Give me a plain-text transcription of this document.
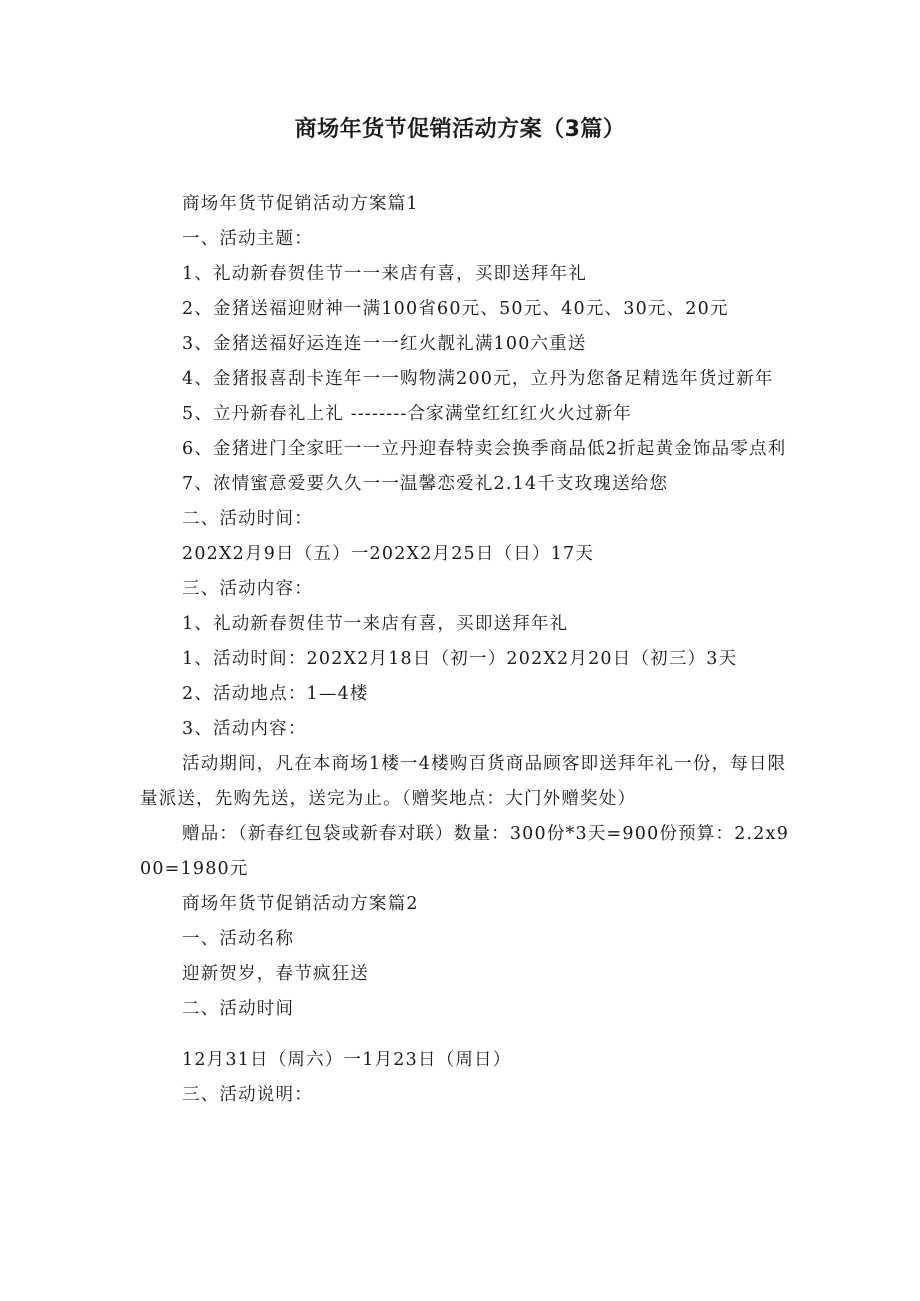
商场年货节促销活动方案（3篇）

商场年货节促销活动方案篇1

一、活动主题：

1、礼动新春贺佳节一一来店有喜，买即送拜年礼

2、金猪送福迎财神一满100省60元、50元、40元、30元、20元

3、金猪送福好运连连一一红火靓礼满100六重送

4、金猪报喜刮卡连年一一购物满200元，立丹为您备足精选年货过新年

5、立丹新春礼上礼 --------合家满堂红红红火火过新年

6、金猪进门全家旺一一立丹迎春特卖会换季商品低2折起黄金饰品零点利

7、浓情蜜意爱要久久一一温馨恋爱礼2.14千支玫瑰送给您

二、活动时间：

202X2月9日（五）一202X2月25日（日）17天

三、活动内容：

1、礼动新春贺佳节一来店有喜，买即送拜年礼

1、活动时间：202X2月18日（初一）202X2月20日（初三）3天

2、活动地点：1—4楼

3、活动内容：

活动期间，凡在本商场1楼一4楼购百货商品顾客即送拜年礼一份，每日限量派送，先购先送，送完为止。（赠奖地点：大门外赠奖处）

赠品：（新春红包袋或新春对联）数量：300份*3天=900份预算：2.2x900=1980元

商场年货节促销活动方案篇2

一、活动名称

迎新贺岁，春节疯狂送

二、活动时间

12月31日（周六）一1月23日（周日）

三、活动说明：
